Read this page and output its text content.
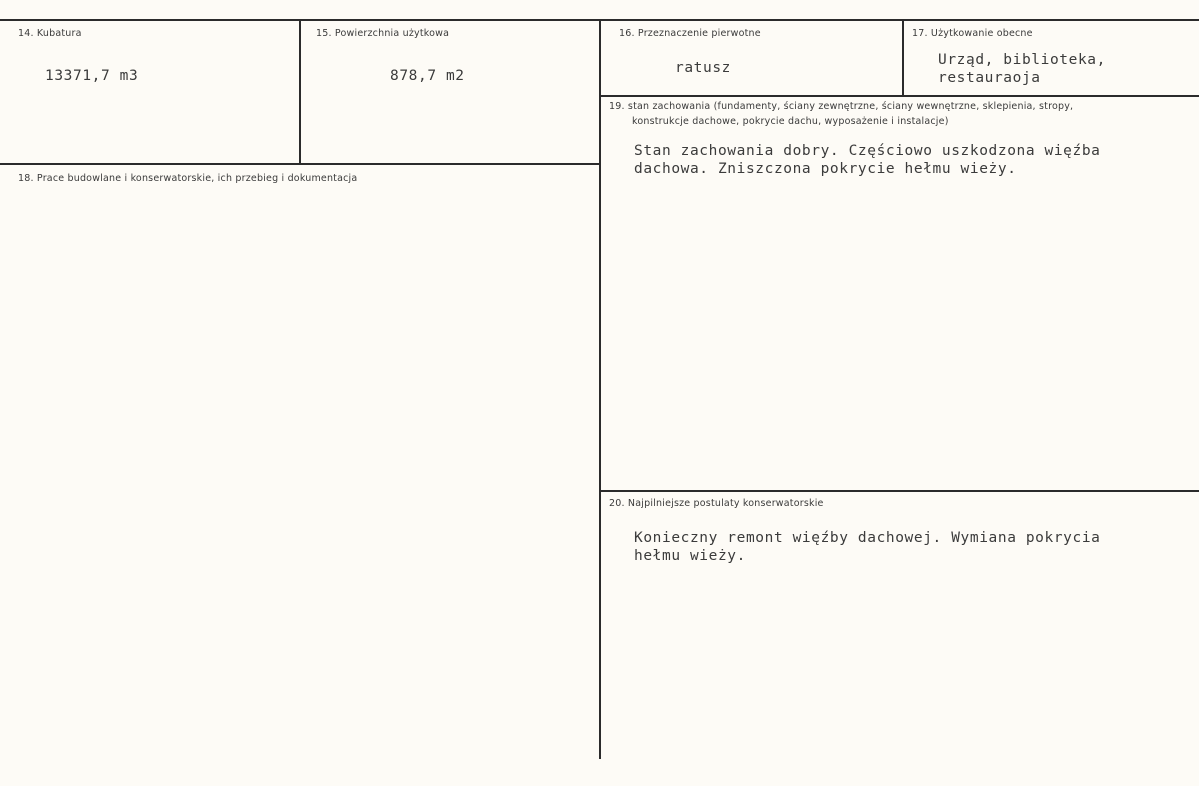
14. Kubatura
13371,7 m3
15. Powierzchnia użytkowa
878,7 m2
16. Przeznaczenie pierwotne
ratusz
17. Użytkowanie obecne
Urząd, biblioteka,
restauraoja
18. Prace budowlane i konserwatorskie, ich przebieg i dokumentacja
19. stan zachowania (fundamenty, ściany zewnętrzne, ściany wewnętrzne, sklepienia, stropy,
konstrukcje dachowe, pokrycie dachu, wyposażenie i instalacje)
Stan zachowania dobry. Częściowo uszkodzona więźba
dachowa. Zniszczona pokrycie hełmu wieży.
20. Najpilniejsze postulaty konserwatorskie
Konieczny remont więźby dachowej. Wymiana pokrycia
hełmu wieży.
